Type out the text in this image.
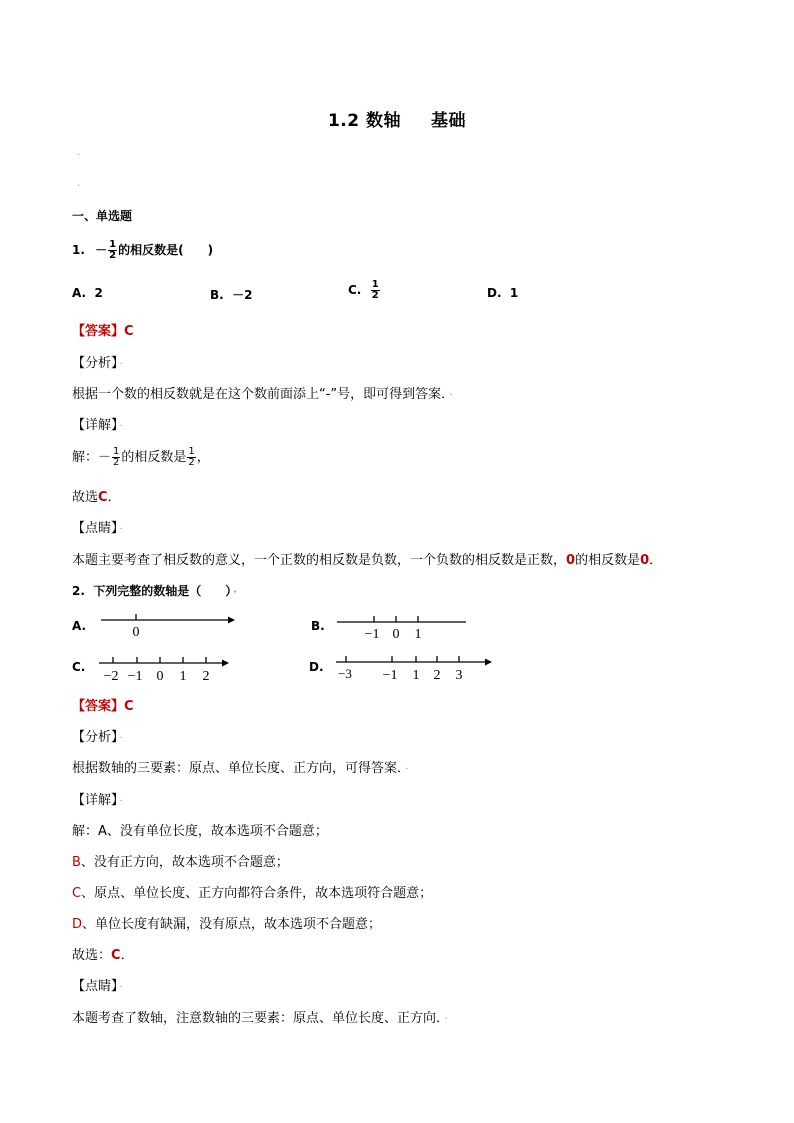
1.2 数轴 基础
·
·
一、单选题
1. － $\frac{1}{2}$ 的相反数是(　　)
A. 2	B. －2	C. $\frac{1}{2}$	D. 1
【答案】C
【分析】 ·
根据一个数的相反数就是在这个数前面添上“-”号，即可得到答案． ·
【详解】 ·
解：－ $\frac{1}{2}$ 的相反数是 $\frac{1}{2}$ ，
故选C．
【点睛】 ·
本题主要考查了相反数的意义，一个正数的相反数是负数，一个负数的相反数是正数，0的相反数是0．
2. 下列完整的数轴是（　　） ·
A.	0	B.
−1 0 1
C.
−2 −1 0 1 2
D. −3 −1 1 2 3
【答案】C
【分析】 ·
根据数轴的三要素：原点、单位长度、正方向，可得答案． ·
【详解】 ·
解：A、没有单位长度，故本选项不合题意；
B、没有正方向，故本选项不合题意；
C、原点、单位长度、正方向都符合条件，故本选项符合题意；
D、单位长度有缺漏，没有原点，故本选项不合题意；
故选：C．
【点睛】 ·
本题考查了数轴，注意数轴的三要素：原点、单位长度、正方向． ·
